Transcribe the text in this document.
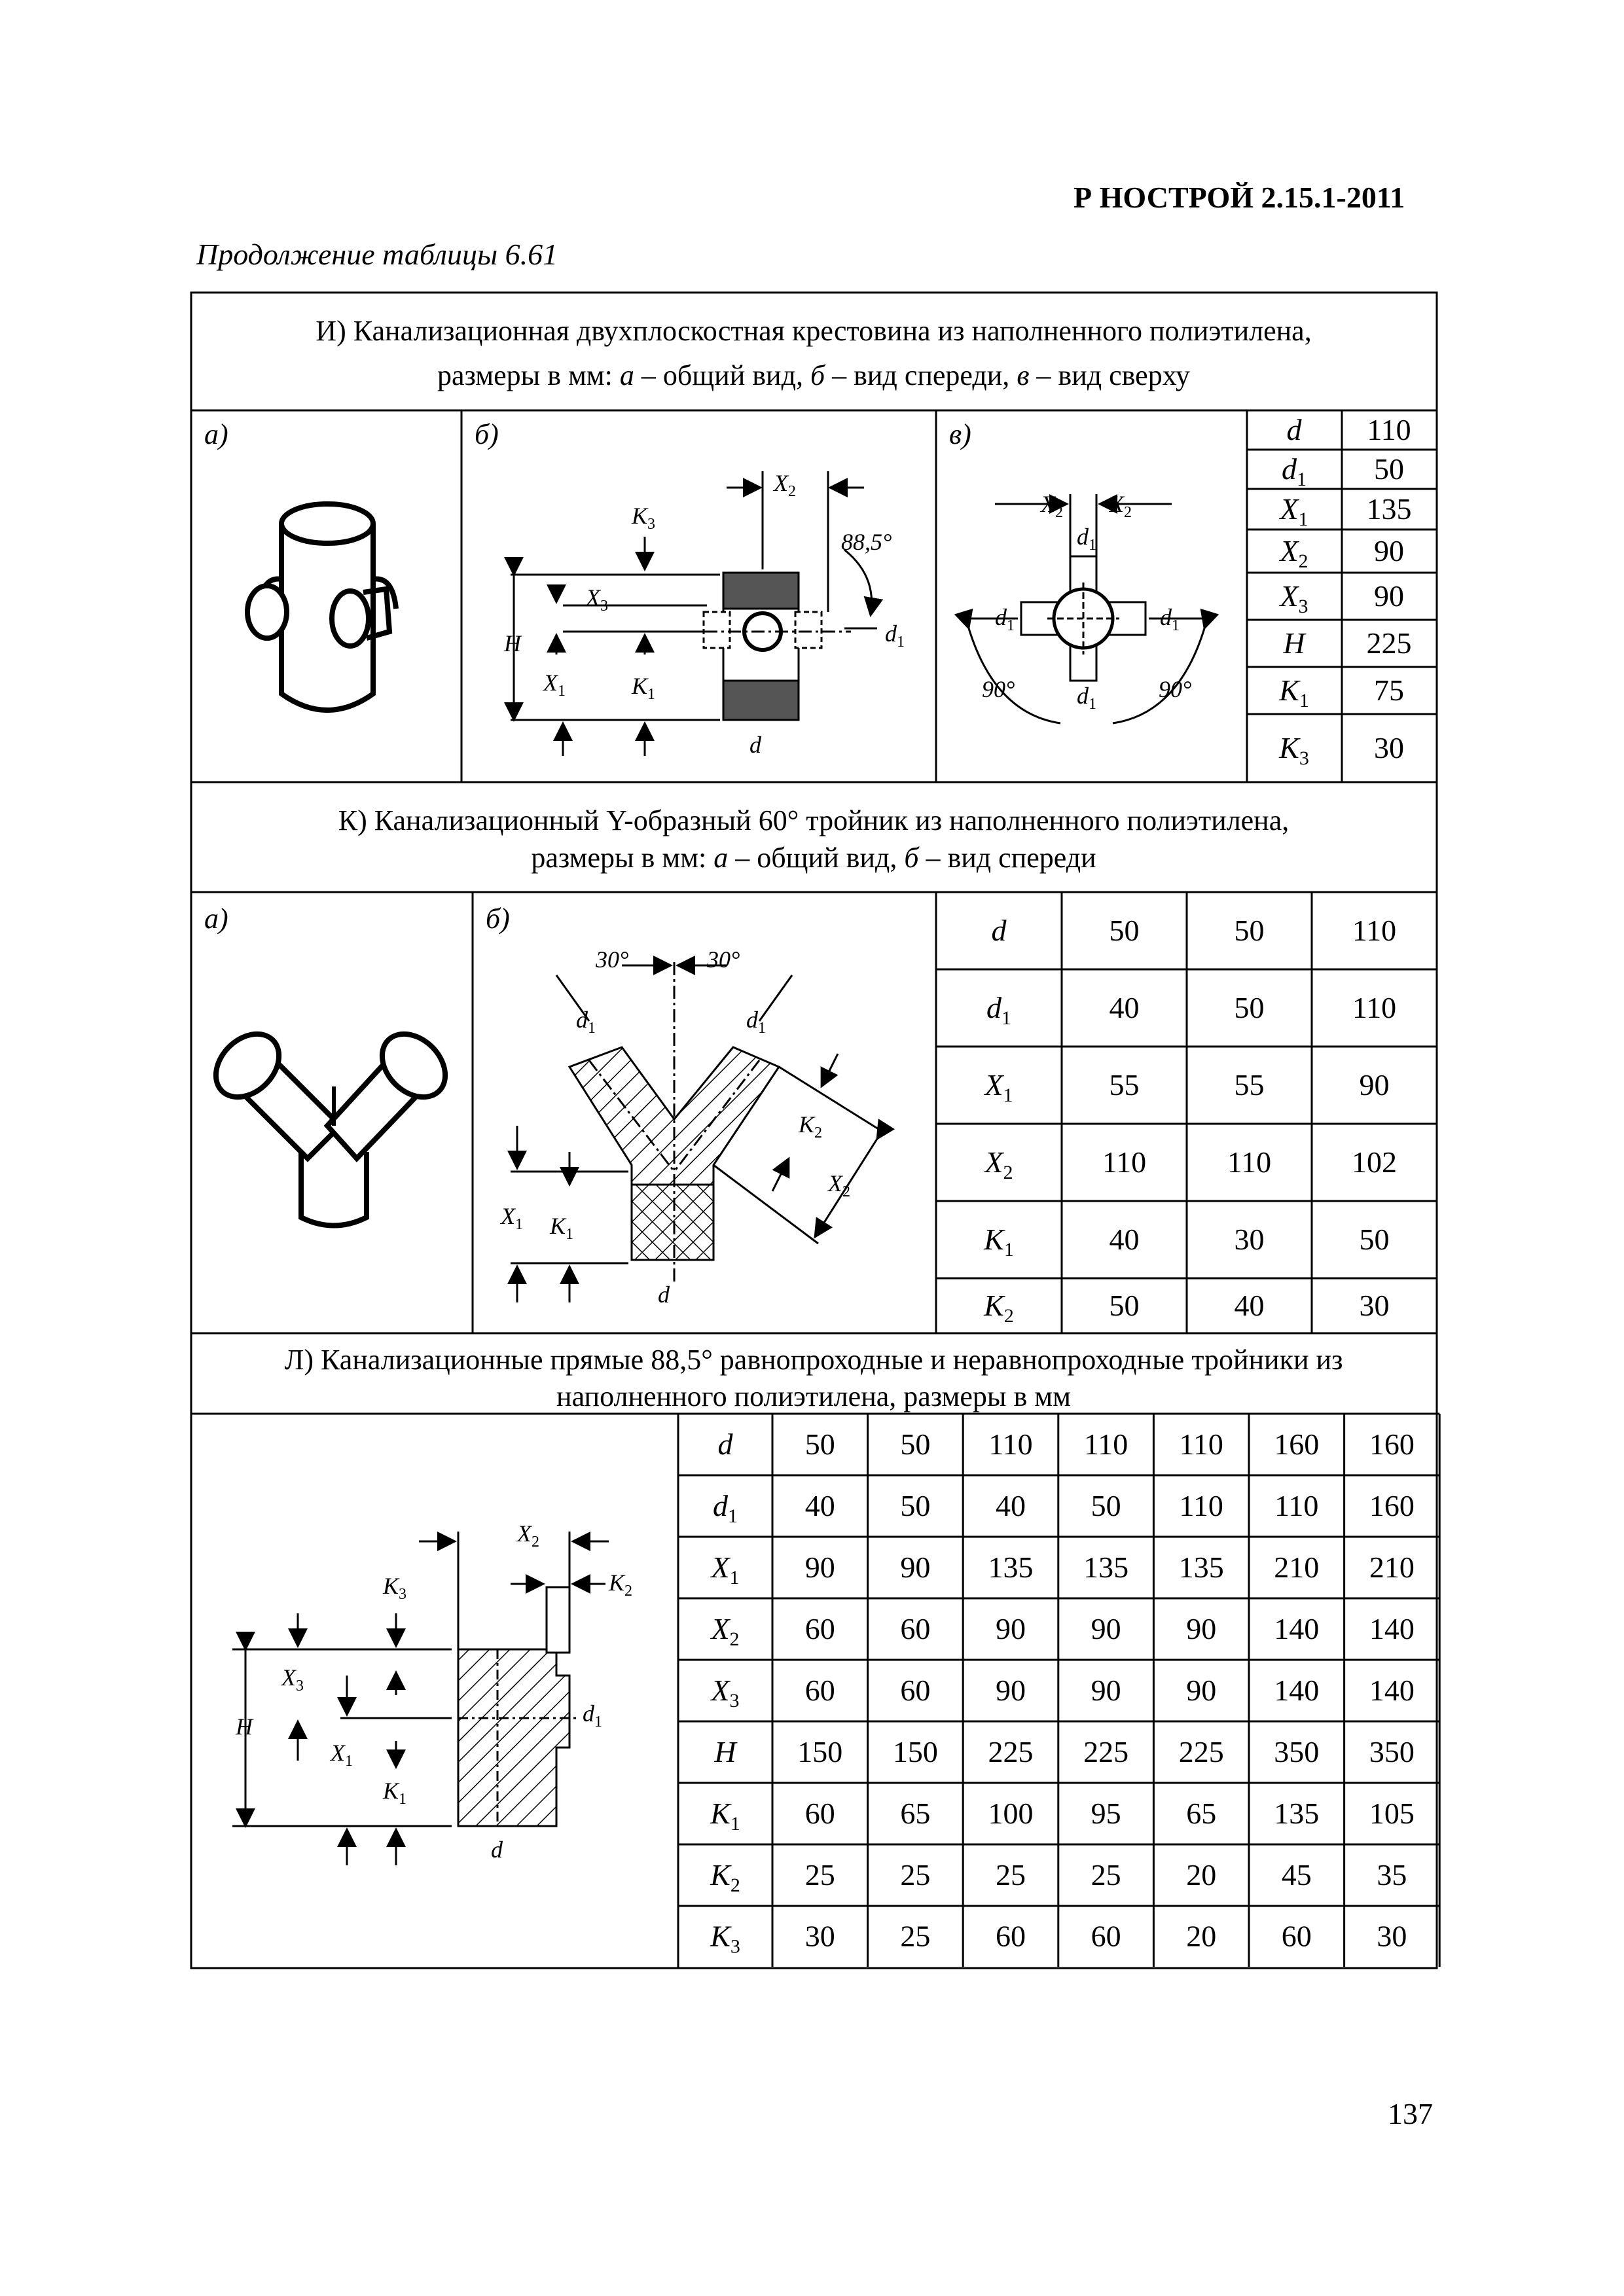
Р НОСТРОЙ 2.15.1-2011
Продолжение таблицы 6.61
137
И) Канализационная двухплоскостная крестовина из наполненного полиэтилена,
размеры в мм: а – общий вид, б – вид спереди, в – вид сверху
d 110
$d_1$ 50
$X_1$ 135
$X_2$ 90
$X_3$ 90
H 225
$K_1$ 75
$K_3$ 30
а)	б)	в)
$K_3$
$X_3$
H
$X_1$	$K_1$
$X_2$
88,5°
$d_1$
d
$X_2$ $X_2$
$d_1$
$d_1$	$d_1$
$d_1$
90°	90°
К) Канализационный Y-образный 60° тройник из наполненного полиэтилена,
размеры в мм: а – общий вид, б – вид спереди
d	50	50	110
$d_1$	40	50	110
$X_1$	55	55	90
$X_2$	110	110	102
$K_1$	40	30	50
$K_2$	50	40	30
а)	б)
30°	30°
$d_1$	$d_1$
$K_2$
$X_2$
$X_1$ $K_1$
d
Л) Канализационные прямые 88,5° равнопроходные и неравнопроходные тройники из
наполненного полиэтилена, размеры в мм
d 50 50 110 110 110 160 160
$d_1$ 40 50 40 50 110 110 160
$X_1$ 90 90 135 135 135 210 210
$X_2$ 60 60 90 90 90 140 140
$X_3$ 60 60 90 90 90 140 140
H 150 150 225 225 225 350 350
$K_1$ 60 65 100 95 65 135 105
$K_2$ 25 25 25 25 20 45 35
$K_3$ 30 25 60 60 20 60 30
$X_2$
$K_3$	$K_2$
$X_3$
H
$X_1$
$K_1$
$d_1$
d
